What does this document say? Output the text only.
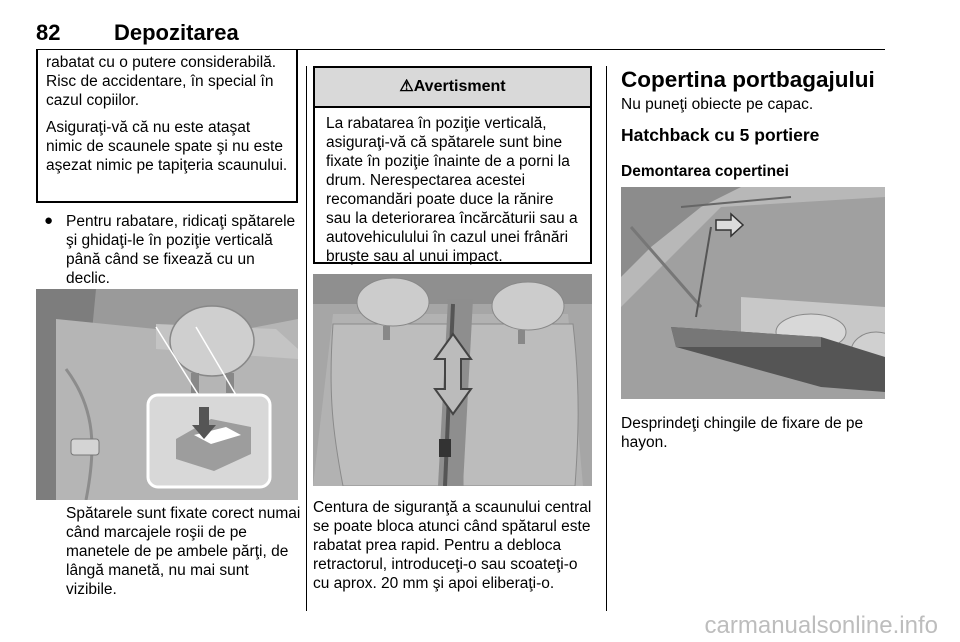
82 Depozitarea

rabatat cu o putere considerabilă. Risc de accidentare, în special în cazul copiilor.

Asiguraţi-vă că nu este ataşat nimic de scaunele spate şi nu este aşezat nimic pe tapiţeria scaunului.

● Pentru rabatare, ridicaţi spătarele şi ghidaţi-le în poziţie verticală până când se fixează cu un declic.
Spătarele sunt fixate corect numai când marcajele roşii de pe manetele de pe ambele părţi, de lângă manetă, nu mai sunt vizibile.
⚠Avertisment
La rabatarea în poziţie verticală, asiguraţi-vă că spătarele sunt bine fixate în poziţie înainte de a porni la drum. Nerespectarea acestei recomandări poate duce la rănire sau la deteriorarea încărcăturii sau a autovehiculului în cazul unei frânări bruşte sau al unui impact.
Centura de siguranţă a scaunului central se poate bloca atunci când spătarul este rabatat prea rapid. Pentru a debloca retractorul, introduceţi-o sau scoateţi-o cu aprox. 20 mm şi apoi eliberaţi-o.
Copertina portbagajului
Nu puneţi obiecte pe capac.
Hatchback cu 5 portiere
Demontarea copertinei
Desprindeţi chingile de fixare de pe hayon.
carmanualsonline.info
